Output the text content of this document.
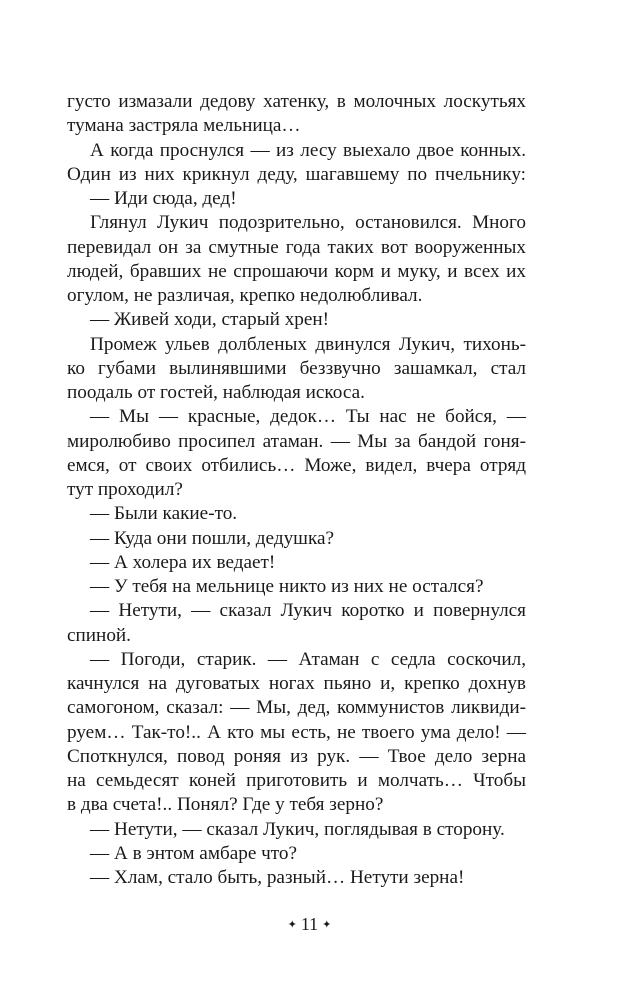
густо измазали дедову хатенку, в молочных лоскутьях
тумана застряла мельница…
А когда проснулся — из лесу выехало двое конных.
Один из них крикнул деду, шагавшему по пчельнику:
— Иди сюда, дед!
Глянул Лукич подозрительно, остановился. Много
перевидал он за смутные года таких вот вооруженных
людей, бравших не спрошаючи корм и муку, и всех их
огулом, не различая, крепко недолюбливал.
— Живей ходи, старый хрен!
Промеж ульев долбленых двинулся Лукич, тихонь-
ко губами вылинявшими беззвучно зашамкал, стал
поодаль от гостей, наблюдая искоса.
— Мы — красные, дедок… Ты нас не бойся, —
миролюбиво просипел атаман. — Мы за бандой гоня-
емся, от своих отбились… Може, видел, вчера отряд
тут проходил?
— Были какие-то.
— Куда они пошли, дедушка?
— А холера их ведает!
— У тебя на мельнице никто из них не остался?
— Нетути, — сказал Лукич коротко и повернулся
спиной.
— Погоди, старик. — Атаман с седла соскочил,
качнулся на дуговатых ногах пьяно и, крепко дохнув
самогоном, сказал: — Мы, дед, коммунистов ликвиди-
руем… Так-то!.. А кто мы есть, не твоего ума дело! —
Споткнулся, повод роняя из рук. — Твое дело зерна
на семьдесят коней приготовить и молчать… Чтобы
в два счета!.. Понял? Где у тебя зерно?
— Нетути, — сказал Лукич, поглядывая в сторону.
— А в энтом амбаре что?
— Хлам, стало быть, разный… Нетути зерна!
✦ 11 ✦
